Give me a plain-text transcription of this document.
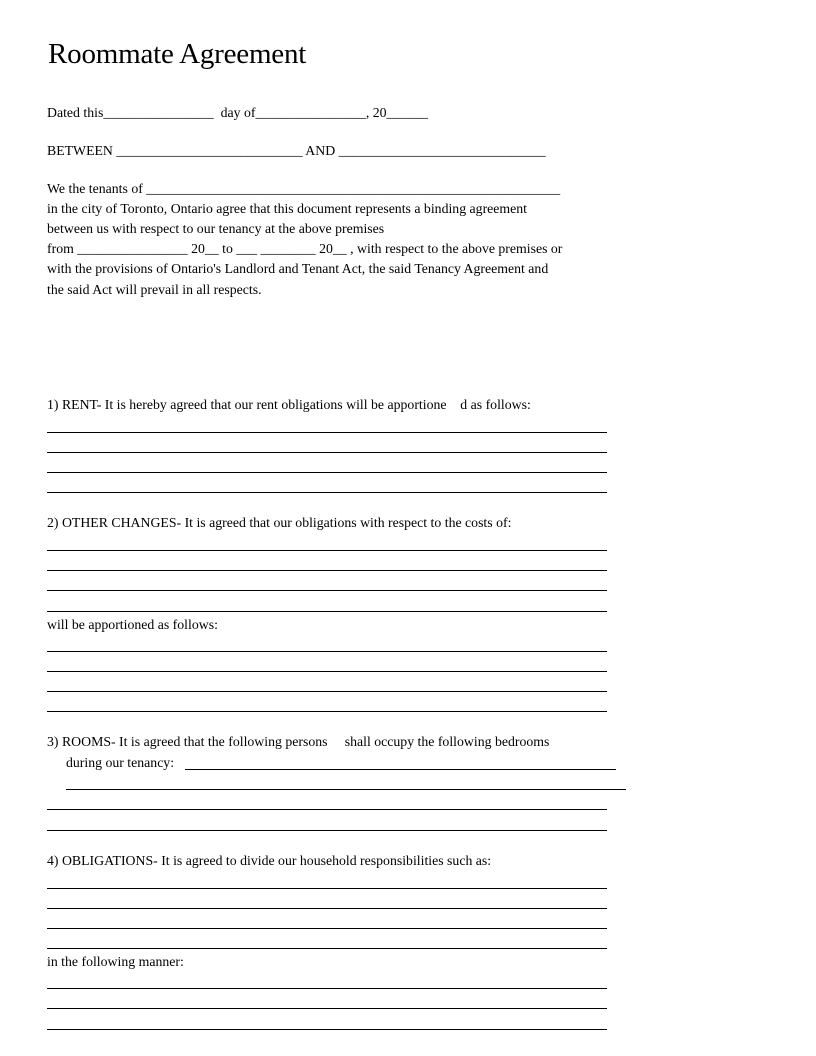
Roommate Agreement
Dated this________________  day of________________, 20______
BETWEEN ___________________________ AND ______________________________
We the tenants of ____________________________________________________________
in the city of Toronto, Ontario agree that this document represents a binding agreement
between us with respect to our tenancy at the above premises
from ________________ 20__ to ___ ________ 20__ , with respect to the above premises or
with the provisions of Ontario's Landlord and Tenant Act, the said Tenancy Agreement and
the said Act will prevail in all respects.
1) RENT- It is hereby agreed that our rent obligations will be apportione    d as follows:
2) OTHER CHANGES- It is agreed that our obligations with respect to the costs of:
will be apportioned as follows:
3) ROOMS- It is agreed that the following persons     shall occupy the following bedrooms
during our tenancy:
4) OBLIGATIONS- It is agreed to divide our household responsibilities such as:
in the following manner:
